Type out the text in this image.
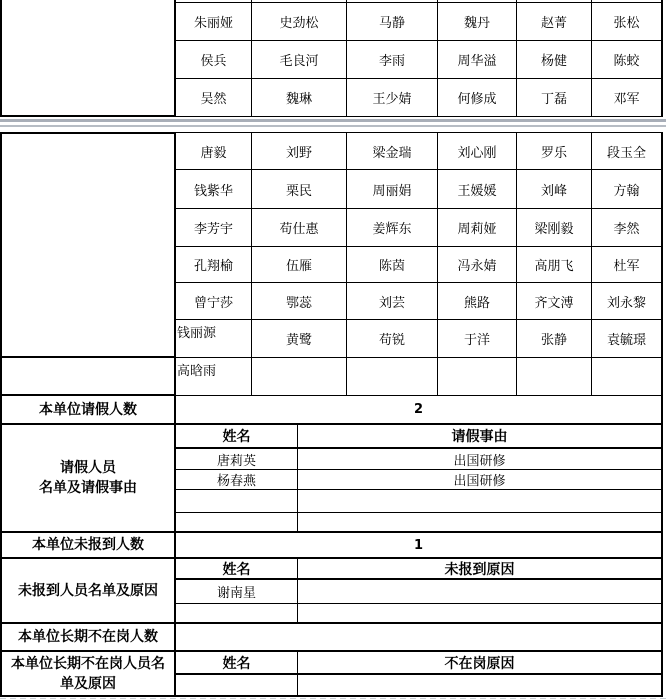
朱丽娅	史劲松	马静	魏丹	赵菁	张松
侯兵	毛良河	李雨	周华溢	杨健	陈蛟
吴然	魏琳	王少婧	何修成	丁磊	邓军
唐毅	刘野	梁金瑞	刘心刚	罗乐	段玉全
钱紫华	栗民	周丽娟	王媛媛	刘峰	方翰
李芳宇	苟仕惠	姜辉东	周莉娅	梁刚毅	李然
孔翔榆	伍雁	陈茵	冯永婧	高朋飞	杜军
曾宁莎	鄂蕊	刘芸	熊路	齐文溥	刘永黎
钱丽源	黄鹭	苟锐	于洋	张静	袁毓璟
高晗雨
本单位请假人数	2
请假人员
名单及请假事由
姓名	请假事由
唐莉英	出国研修
杨春燕	出国研修
本单位未报到人数	1
未报到人员名单及原因
姓名	未报到原因
谢南星
本单位长期不在岗人数
本单位长期不在岗人员名
单及原因
姓名	不在岗原因
